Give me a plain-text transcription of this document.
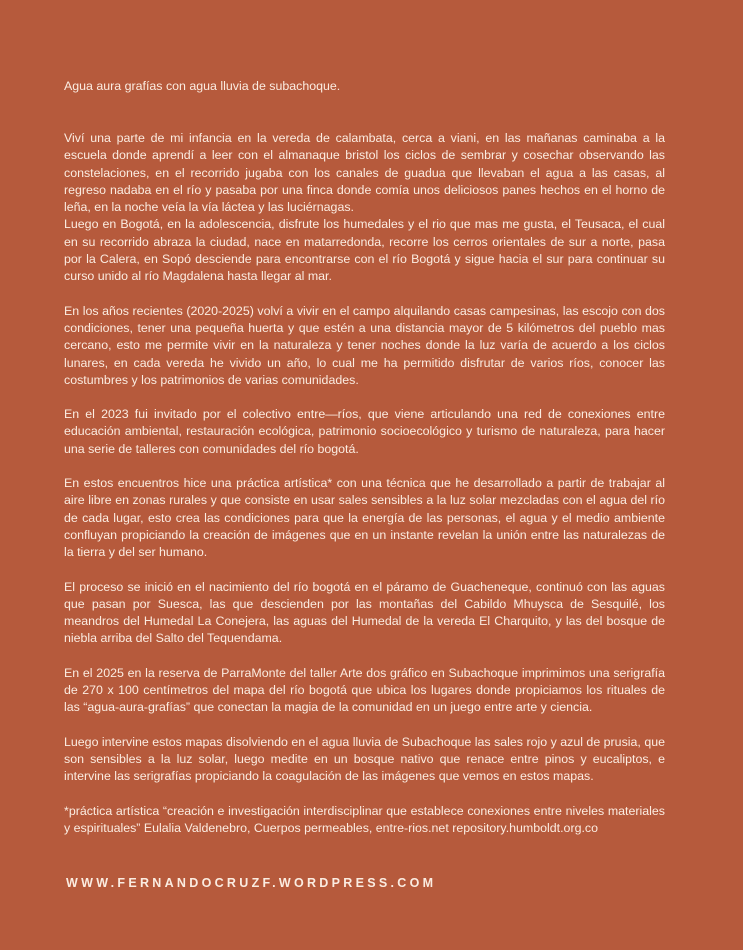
Agua aura grafías con agua lluvia de subachoque.

Viví una parte de mi infancia en la vereda de calambata, cerca a viani, en las mañanas caminaba a la escuela donde aprendí a leer con el almanaque bristol los ciclos de sembrar y cosechar observando las constelaciones, en el recorrido jugaba con los canales de guadua que llevaban el agua a las casas, al regreso nadaba en el río y pasaba por una finca donde comía unos deliciosos panes hechos en el horno de leña, en la noche veía la vía láctea y las luciérnagas.

Luego en Bogotá, en la adolescencia, disfrute los humedales y el rio que mas me gusta, el Teusaca, el cual en su recorrido abraza la ciudad, nace en matarredonda, recorre los cerros orientales de sur a norte, pasa por la Calera, en Sopó desciende para encontrarse con el río Bogotá y sigue hacia el sur para continuar su curso unido al río Magdalena hasta llegar al mar.

En los años recientes (2020-2025) volví a vivir en el campo alquilando casas campesinas, las escojo con dos condiciones, tener una pequeña huerta y que estén a una distancia mayor de 5 kilómetros del pueblo mas cercano, esto me permite vivir en la naturaleza y tener noches donde la luz varía de acuerdo a los ciclos lunares, en cada vereda he vivido un año, lo cual me ha permitido disfrutar de varios ríos, conocer las costumbres y los patrimonios de varias comunidades.

En el 2023 fui invitado por el colectivo entre—ríos, que viene articulando una red de conexiones entre educación ambiental, restauración ecológica, patrimonio socioecológico y turismo de naturaleza, para hacer una serie de talleres con comunidades del río bogotá.

En estos encuentros hice una práctica artística* con una técnica que he desarrollado a partir de trabajar al aire libre en zonas rurales y que consiste en usar sales sensibles a la luz solar mezcladas con el agua del río de cada lugar, esto crea las condiciones para que la energía de las personas, el agua y el medio ambiente confluyan propiciando la creación de imágenes que en un instante revelan la unión entre las naturalezas de la tierra y del ser humano.

El proceso se inició en el nacimiento del río bogotá en el páramo de Guacheneque, continuó con las aguas que pasan por Suesca, las que descienden por las montañas del Cabildo Mhuysca de Sesquilé, los meandros del Humedal La Conejera, las aguas del Humedal de la vereda El Charquito, y las del bosque de niebla arriba del Salto del Tequendama.

En el 2025 en la reserva de ParraMonte del taller Arte dos gráfico en Subachoque imprimimos una serigrafía de 270 x 100 centímetros del mapa del río bogotá que ubica los lugares donde propiciamos los rituales de las “agua-aura-grafías” que conectan la magia de la comunidad en un juego entre arte y ciencia.

Luego intervine estos mapas disolviendo en el agua lluvia de Subachoque las sales rojo y azul de prusia, que son sensibles a la luz solar, luego medite en un bosque nativo que renace entre pinos y eucaliptos, e intervine las serigrafías propiciando la coagulación de las imágenes que vemos en estos mapas.

*práctica artística “creación e investigación interdisciplinar que establece conexiones entre niveles materiales y espirituales” Eulalia Valdenebro, Cuerpos permeables, entre-rios.net repository.humboldt.org.co

WWW.FERNANDOCRUZF.WORDPRESS.COM
